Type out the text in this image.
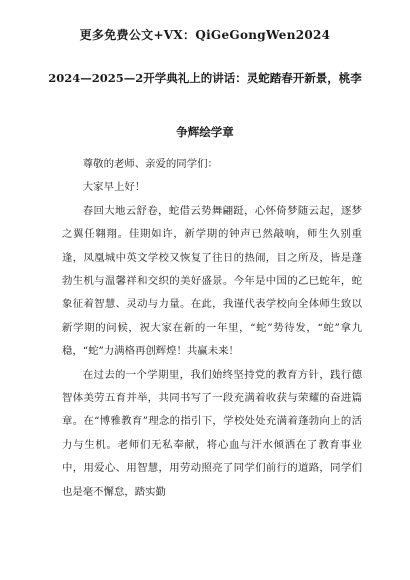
更多免费公文+VX：QiGeGongWen2024
2024—2025—2开学典礼上的讲话：灵蛇踏春开新景，桃李
争辉绘学章

尊敬的老师、亲爱的同学们：

大家早上好！

春回大地云舒卷，蛇借云势舞翩跹，心怀倚梦随云起，逐梦之翼任翱翔。佳期如许，新学期的钟声已然敲响，师生久别重逢，凤凰城中英文学校又恢复了往日的热闹，目之所及，皆是蓬勃生机与温馨祥和交织的美好盛景。今年是中国的乙巳蛇年，蛇象征着智慧、灵动与力量。在此，我谨代表学校向全体师生致以新学期的问候，祝大家在新的一年里，“蛇”势待发，“蛇”拿九稳，“蛇”力满格再创辉煌！共赢未来！

在过去的一个学期里，我们始终坚持党的教育方针，践行德智体美劳五育并举，共同书写了一段充满着收获与荣耀的奋进篇章。在“博雅教育”理念的指引下，学校处处充满着蓬勃向上的活力与生机。老师们无私奉献，将心血与汗水倾洒在了教育事业中，用爱心、用智慧，用劳动照亮了同学们前行的道路，同学们也是毫不懈怠，踏实勤
